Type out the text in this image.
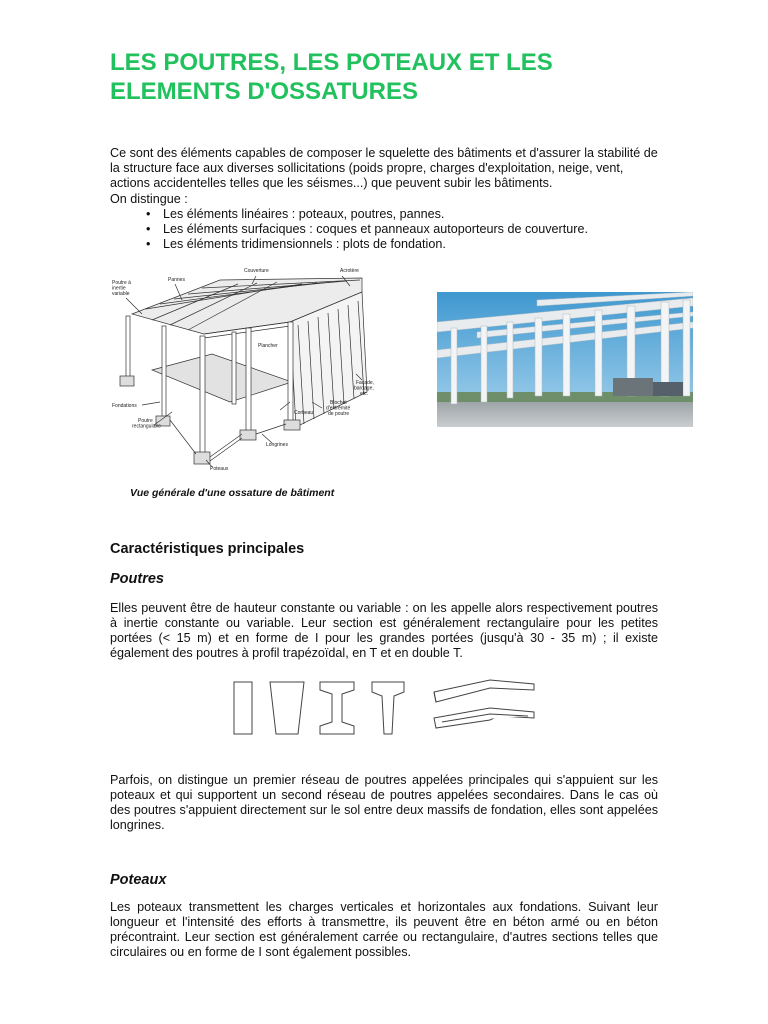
LES POUTRES, LES POTEAUX ET LES ELEMENTS D'OSSATURES

Ce sont des éléments capables de composer le squelette des bâtiments et d'assurer la stabilité de la structure face aux diverses sollicitations (poids propre, charges d'exploitation, neige, vent, actions accidentelles telles que les séismes...) que peuvent subir les bâtiments.

On distingue :

• Les éléments linéaires : poteaux, poutres, pannes.
• Les éléments surfaciques : coques et panneaux autoporteurs de couverture.
• Les éléments tridimensionnels : plots de fondation.
Poutre à inertie variable
Pannes
Couverture	Acrotère
Plancher
Façade, bardage, etc.
Fondations
Corbeau
Blochet d'extrémité de poutre
Poutre rectangulaire
Longrines
Poteaux

Vue générale d'une ossature de bâtiment

Caractéristiques principales
Poutres

Elles peuvent être de hauteur constante ou variable : on les appelle alors respectivement poutres à inertie constante ou variable. Leur section est généralement rectangulaire pour les petites portées (< 15 m) et en forme de I pour les grandes portées (jusqu'à 30 - 35 m) ; il existe également des poutres à profil trapézoïdal, en T et en double T.

Parfois, on distingue un premier réseau de poutres appelées principales qui s'appuient sur les poteaux et qui supportent un second réseau de poutres appelées secondaires. Dans le cas où des poutres s'appuient directement sur le sol entre deux massifs de fondation, elles sont appelées longrines.

Poteaux

Les poteaux transmettent les charges verticales et horizontales aux fondations. Suivant leur longueur et l'intensité des efforts à transmettre, ils peuvent être en béton armé ou en béton précontraint. Leur section est généralement carrée ou rectangulaire, d'autres sections telles que circulaires ou en forme de I sont également possibles.
